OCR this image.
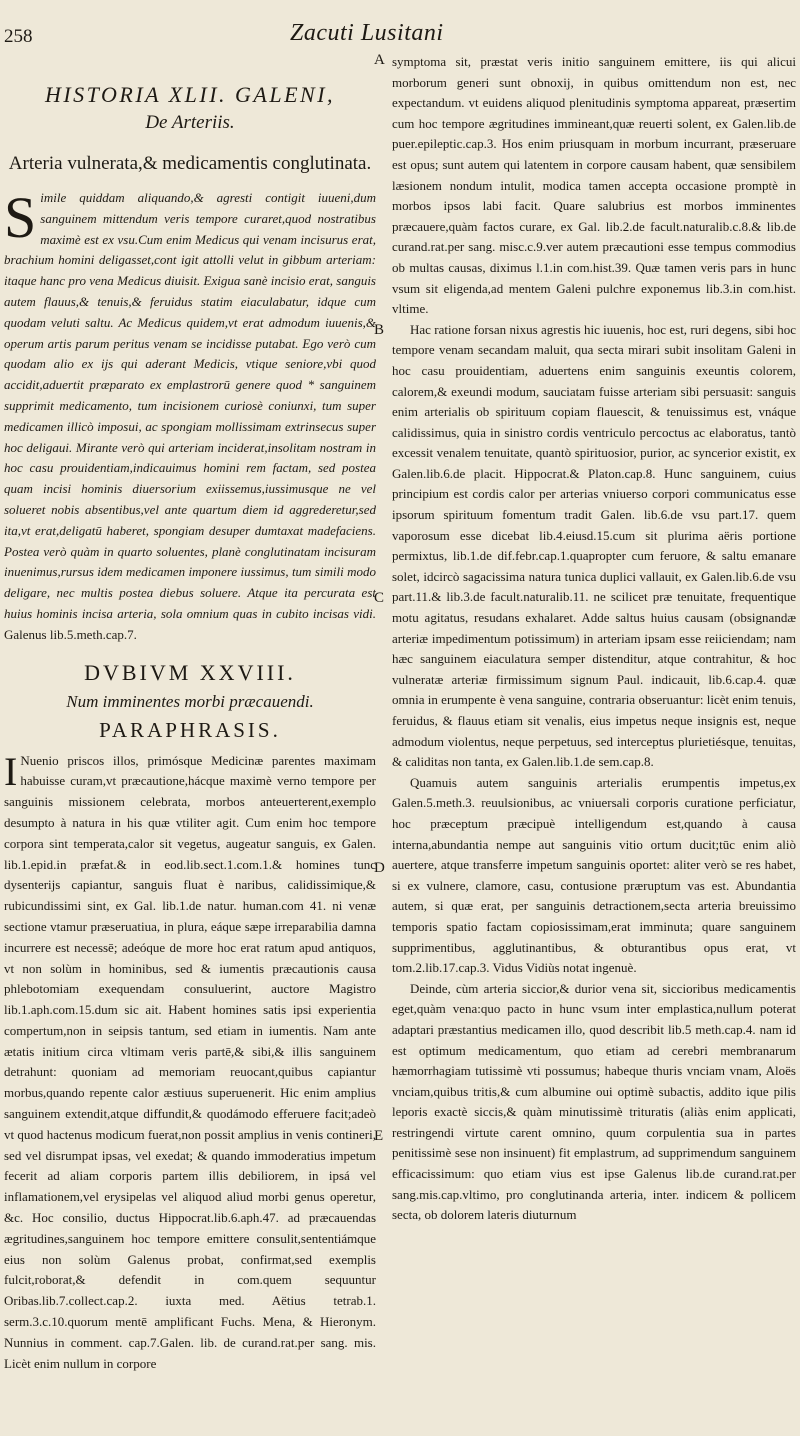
258	Zacuti Lusitani
HISTORIA XLII. GALENI,
De Arteriis.
Arteria vulnerata,& medicamentis conglutinata.

Simile quiddam aliquando,& agresti contigit iuueni,dum sanguinem mittendum veris tempore curaret,quod nostratibus maximè est ex vsu.Cum enim Medicus qui venam incisurus erat, brachium homini deligasset,cont igit attolli velut in gibbum arteriam: itaque hanc pro vena Medicus diuisit. Exigua sanè incisio erat, sanguis autem flauus,& tenuis,& feruidus statim eiaculabatur, idque cum quodam veluti saltu. Ac Medicus quidem,vt erat admodum iuuenis,& operum artis parum peritus venam se incidisse putabat. Ego verò cum quodam alio ex ijs qui aderant Medicis, vtique seniore,vbi quod accidit,aduertit præparato ex emplastrorū genere quod * sanguinem supprimit medicamento, tum incisionem curiosè coniunxi, tum super medicamen illicò imposui, ac spongiam mollissimam extrinsecus super hoc deligaui. Mirante verò qui arteriam inciderat,insolitam nostram in hoc casu prouidentiam,indicauimus homini rem factam, sed postea quam incisi hominis diuersorium exiissemus,iussimusque ne vel solueret nobis absentibus,vel ante quartum diem id aggrederetur,sed ita,vt erat,deligatū haberet, spongiam desuper dumtaxat madefaciens. Postea verò quàm in quarto soluentes, planè conglutinatam incisuram inuenimus,rursus idem medicamen imponere iussimus, tum simili modo deligare, nec multis postea diebus soluere. Atque ita percurata est huius hominis incisa arteria, sola omnium quas in cubito incisas vidi. Galenus lib.5.meth.cap.7.

DVBIVM XXVIII.
Num imminentes morbi præcauendi.
PARAPHRASIS.

I Nuenio priscos illos, primósque Medicinæ parentes maximam habuisse curam,vt præcautione,hácque maximè verno tempore per sanguinis missionem celebrata, morbos anteuerterent,exemplo desumpto à natura in his quæ vtiliter agit. Cum enim hoc tempore corpora sint temperata,calor sit vegetus, augeatur sanguis, ex Galen. lib.1.epid.in præfat.& in eod.lib.sect.1.com.1.& homines tunc dysenterijs capiantur, sanguis fluat è naribus, calidissimique,& rubicundissimi sint, ex Gal. lib.1.de natur. human.com 41. ni venæ sectione vtamur præseruatiua, in plura, eáque sæpe irreparabilia damna incurrere est necessē; adeóque de more hoc erat ratum apud antiquos, vt non solùm in hominibus, sed & iumentis præcautionis causa phlebotomiam exequendam consuluerint, auctore Magistro lib.1.aph.com.15.dum sic ait. Habent homines satis ipsi experientia compertum,non in seipsis tantum, sed etiam in iumentis. Nam ante ætatis initium circa vltimam veris partē,& sibi,& illis sanguinem detrahunt: quoniam ad memoriam reuocant,quibus capiantur morbus,quando repente calor æstiuus superuenerit. Hic enim amplius sanguinem extendit,atque diffundit,& quodámodo efferuere facit;adeò vt quod hactenus modicum fuerat,non possit amplius in venis contineri, sed vel disrumpat ipsas, vel exedat; & quando immoderatius impetum fecerit ad aliam corporis partem illis debiliorem, in ipsá vel inflamationem,vel erysipelas vel aliquod alìud morbi genus operetur, &c. Hoc consilio, ductus Hippocrat.lib.6.aph.47. ad præcauendas ægritudines,sanguinem hoc tempore emittere consulit,sententiámque eius non solùm Galenus probat, confirmat,sed exemplis fulcit,roborat,& defendit in com.quem sequuntur Oribas.lib.7.collect.cap.2. iuxta med. Aëtius tetrab.1. serm.3.c.10.quorum mentē amplificant Fuchs. Mena, & Hieronym. Nunnius in comment. cap.7.Galen. lib. de curand.rat.per sang. mis. Licèt enim nullum in corpore

A
B
C
D
E

symptoma sit, præstat veris initio sanguinem emittere, iis qui alicui morborum generi sunt obnoxij, in quibus omittendum non est, nec expectandum. vt euidens aliquod plenitudinis symptoma appareat, præsertim cum hoc tempore ægritudines immineant,quæ reuerti solent, ex Galen.lib.de puer.epileptic.cap.3. Hos enim priusquam in morbum incurrant, præseruare est opus; sunt autem qui latentem in corpore causam habent, quæ sensibilem læsionem nondum intulit, modica tamen accepta occasione promptè in morbos ipsos labi facit. Quare salubrius est morbos imminentes præcauere,quàm factos curare, ex Gal. lib.2.de facult.naturalib.c.8.& lib.de curand.rat.per sang. misc.c.9.ver autem præcautioni esse tempus commodius ob multas causas, diximus l.1.in com.hist.39. Quæ tamen veris pars in hunc vsum sit eligenda,ad mentem Galeni pulchre exponemus lib.3.in com.hist. vltime.

Hac ratione forsan nixus agrestis hic iuuenis, hoc est, ruri degens, sibi hoc tempore venam secandam maluit, qua secta mirari subit insolitam Galeni in hoc casu prouidentiam, aduertens enim sanguinis exeuntis colorem, calorem,& exeundi modum, sauciatam fuisse arteriam sibi persuasit: sanguis enim arterialis ob spirituum copiam flauescit, & tenuissimus est, vnáque calidissimus, quia in sinistro cordis ventriculo percoctus ac elaboratus, tantò excessit venalem tenuitate, quantò spirituosior, purior, ac syncerior existit, ex Galen.lib.6.de placit. Hippocrat.& Platon.cap.8. Hunc sanguinem, cuius principium est cordis calor per arterias vniuerso corpori communicatus esse ipsorum spirituum fomentum tradit Galen. lib.6.de vsu part.17. quem vaporosum esse dicebat lib.4.eiusd.15.cum sit plurima aëris portione permixtus, lib.1.de dif.febr.cap.1.quapropter cum feruore, & saltu emanare solet, idcircò sagacissima natura tunica duplici vallauit, ex Galen.lib.6.de vsu part.11.& lib.3.de facult.naturalib.11. ne scilicet præ tenuitate, frequentique motu agitatus, resudans exhalaret. Adde saltus huius causam (obsignandæ arteriæ impedimentum potissimum) in arteriam ipsam esse reiiciendam; nam hæc sanguinem eiaculatura semper distenditur, atque contrahitur, & hoc vulneratæ arteriæ firmissimum signum Paul. indicauit, lib.6.cap.4. quæ omnia in erumpente è vena sanguine, contraria obseruantur: licèt enim tenuis, feruidus, & flauus etiam sit venalis, eius impetus neque insignis est, neque admodum violentus, neque perpetuus, sed interceptus plurietiésque, tenuitas, & caliditas non tanta, ex Galen.lib.1.de sem.cap.8.

Quamuis autem sanguinis arterialis erumpentis impetus,ex Galen.5.meth.3. reuulsionibus, ac vniuersali corporis curatione perficiatur, hoc præceptum præcipuè intelligendum est,quando à causa interna,abundantia nempe aut sanguinis vitio ortum ducit;tūc enim aliò auertere, atque transferre impetum sanguinis oportet: aliter verò se res habet, si ex vulnere, clamore, casu, contusione præruptum vas est. Abundantia autem, si quæ erat, per sanguinis detractionem,secta arteria breuissimo temporis spatio factam copiosissimam,erat imminuta; quare sanguinem supprimentibus, agglutinantibus, & obturantibus opus erat, vt tom.2.lib.17.cap.3. Vidus Vidiùs notat ingenuè.

Deinde, cùm arteria siccior,& durior vena sit, siccioribus medicamentis eget,quàm vena:quo pacto in hunc vsum inter emplastica,nullum poterat adaptari præstantius medicamen illo, quod describit lib.5 meth.cap.4. nam id est optimum medicamentum, quo etiam ad cerebri membranarum hæmorrhagiam tutissimè vti possumus; habeque thuris vnciam vnam, Aloës vnciam,quibus tritis,& cum albumine oui optimè subactis, addito ique pilis leporis exactè siccis,& quàm minutissimè trituratis (aliàs enim applicati, restringendi virtute carent omnino, quum corpulentia sua in partes penitissimè sese non insinuent) fit emplastrum, ad supprimendum sanguinem efficacissimum: quo etiam vius est ipse Galenus lib.de curand.rat.per sang.mis.cap.vltimo, pro conglutinanda arteria, inter. indicem & pollicem secta, ob dolorem lateris diuturnum
